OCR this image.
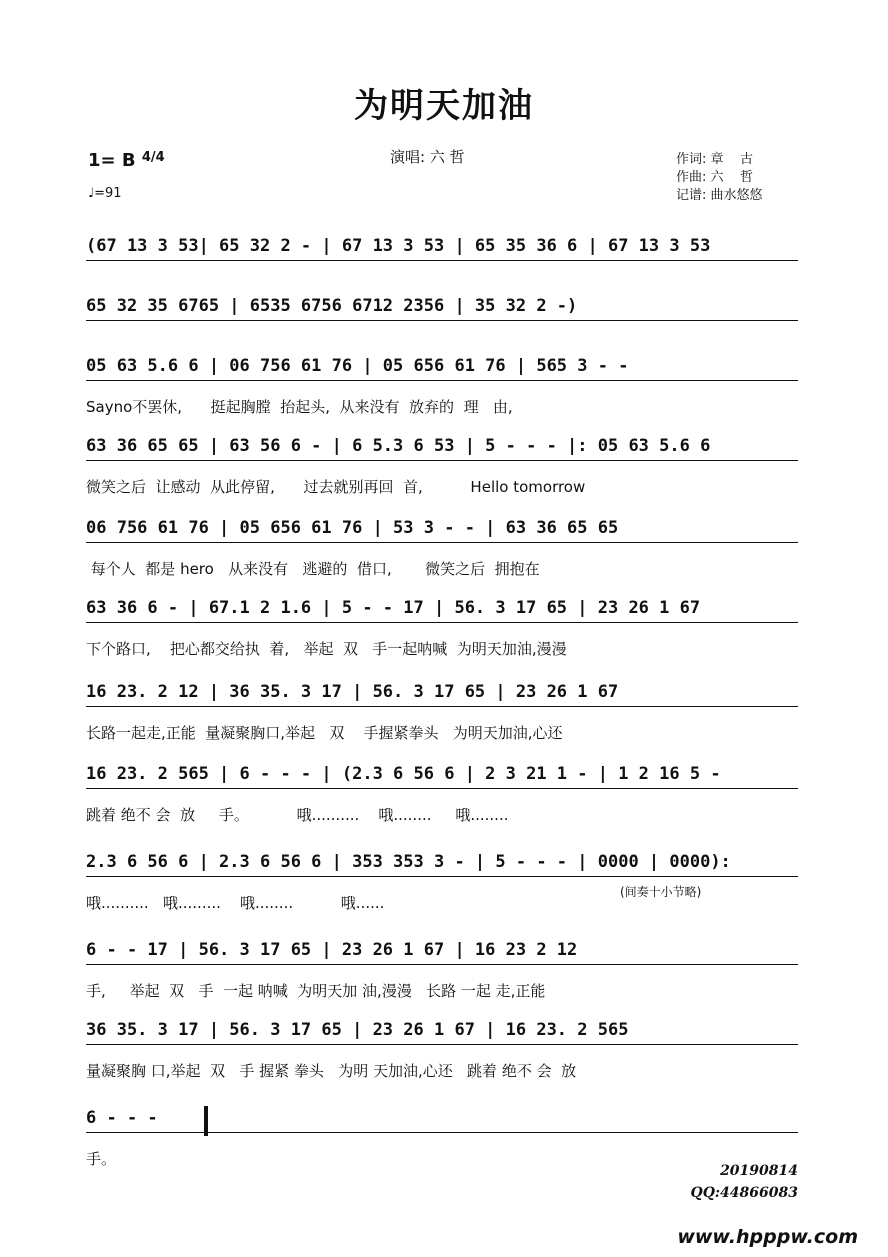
为明天加油
演唱: 六 哲
1= B $^{4/4}$
♩=91
作词: 章    古
作曲: 六    哲
记谱: 曲水悠悠
(67 13 3 53| 65 32 2 - | 67 13 3 53 | 65 35 36 6 | 67 13 3 53
65 32 35 6765 | 6535 6756 6712 2356 | 35 32 2 -)
05 63 5.6 6 | 06 756 61 76 | 05 656 61 76 | 565 3 - -
Sayno不罢休,      挺起胸膛  抬起头,  从来没有  放弃的  理   由,
63 36 65 65 | 63 56 6 - | 6 5.3 6 53 | 5 - - - |: 05 63 5.6 6
微笑之后  让感动  从此停留,      过去就别再回  首,          Hello tomorrow
06 756 61 76 | 05 656 61 76 | 53 3 - - | 63 36 65 65
每个人  都是 hero   从来没有   逃避的  借口,       微笑之后  拥抱在
63 36 6 - | 67.1 2 1.6 | 5 - - 17 | 56. 3 17 65 | 23 26 1 67
下个路口,    把心都交给执  着,   举起  双   手一起呐喊  为明天加油,漫漫
16 23. 2 12 | 36 35. 3 17 | 56. 3 17 65 | 23 26 1 67
长路一起走,正能  量凝聚胸口,举起   双    手握紧拳头   为明天加油,心还
16 23. 2 565 | 6 - - - | (2.3 6 56 6 | 2 3 21 1 - | 1 2 16 5 -
跳着 绝不 会  放     手。          哦..........    哦........     哦........
2.3 6 56 6 | 2.3 6 56 6 | 353 353 3 - | 5 - - - | 0000 | 0000):
哦..........   哦.........    哦........          哦......
6 - - 17 | 56. 3 17 65 | 23 26 1 67 | 16 23 2 12
手,     举起  双   手  一起 呐喊  为明天加 油,漫漫   长路 一起 走,正能
36 35. 3 17 | 56. 3 17 65 | 23 26 1 67 | 16 23. 2 565
量凝聚胸 口,举起  双   手 握紧 拳头   为明 天加油,心还   跳着 绝不 会  放
6 - - -
手。
(间奏十小节略)
20190814
QQ:44866083
www.hpppw.com
